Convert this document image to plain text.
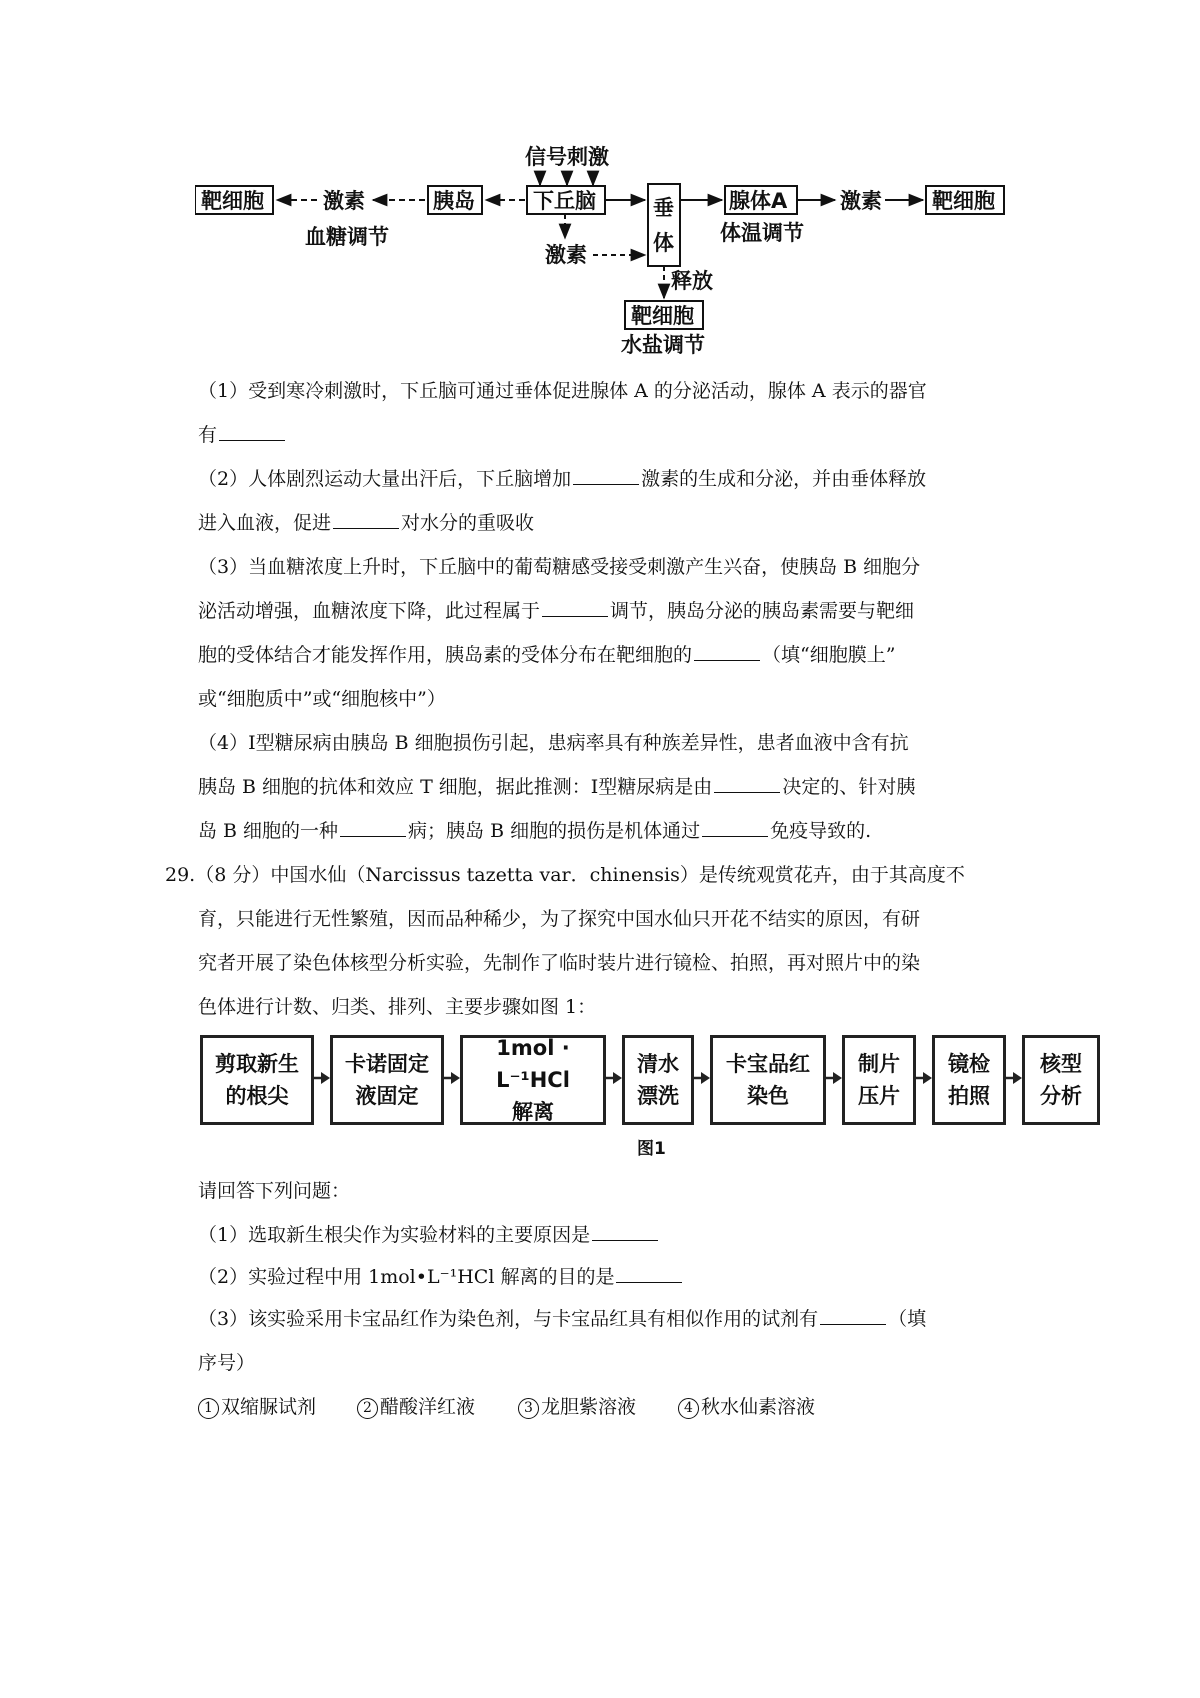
信号刺激
靶细胞	激素	胰岛
血糖调节
下丘脑
激素
垂
体
腺体A
体温调节
激素 靶细胞
释放
靶细胞
水盐调节
（1）受到寒冷刺激时，下丘脑可通过垂体促进腺体 A 的分泌活动，腺体 A 表示的器官
有
（2）人体剧烈运动大量出汗后，下丘脑增加	激素的生成和分泌，并由垂体释放
进入血液，促进	对水分的重吸收
（3）当血糖浓度上升时，下丘脑中的葡萄糖感受接受刺激产生兴奋，使胰岛 B 细胞分
泌活动增强，血糖浓度下降，此过程属于	调节，胰岛分泌的胰岛素需要与靶细
胞的受体结合才能发挥作用，胰岛素的受体分布在靶细胞的	（填“细胞膜上”
或“细胞质中”或“细胞核中”）
（4）Ⅰ型糖尿病由胰岛 B 细胞损伤引起，患病率具有种族差异性，患者血液中含有抗
胰岛 B 细胞的抗体和效应 T 细胞，据此推测：Ⅰ型糖尿病是由	决定的、针对胰
岛 B 细胞的一种	病；胰岛 B 细胞的损伤是机体通过	免疫导致的.
29.（8 分）中国水仙（Narcissus tazetta var．chinensis）是传统观赏花卉，由于其高度不
育，只能进行无性繁殖，因而品种稀少，为了探究中国水仙只开花不结实的原因，有研
究者开展了染色体核型分析实验，先制作了临时装片进行镜检、拍照，再对照片中的染
色体进行计数、归类、排列、主要步骤如图 1：
剪取新生
的根尖
卡诺固定
液固定
1mol · L⁻¹HCl
解离
清水
漂洗
卡宝品红
染色
制片
压片
镜检
拍照
核型
分析
图1
请回答下列问题：
（1）选取新生根尖作为实验材料的主要原因是
（2）实验过程中用 1mol•L⁻¹HCl 解离的目的是
（3）该实验采用卡宝品红作为染色剂，与卡宝品红具有相似作用的试剂有	（填
序号）
1 双缩脲试剂	2 醋酸洋红液	3 龙胆紫溶液	4 秋水仙素溶液
